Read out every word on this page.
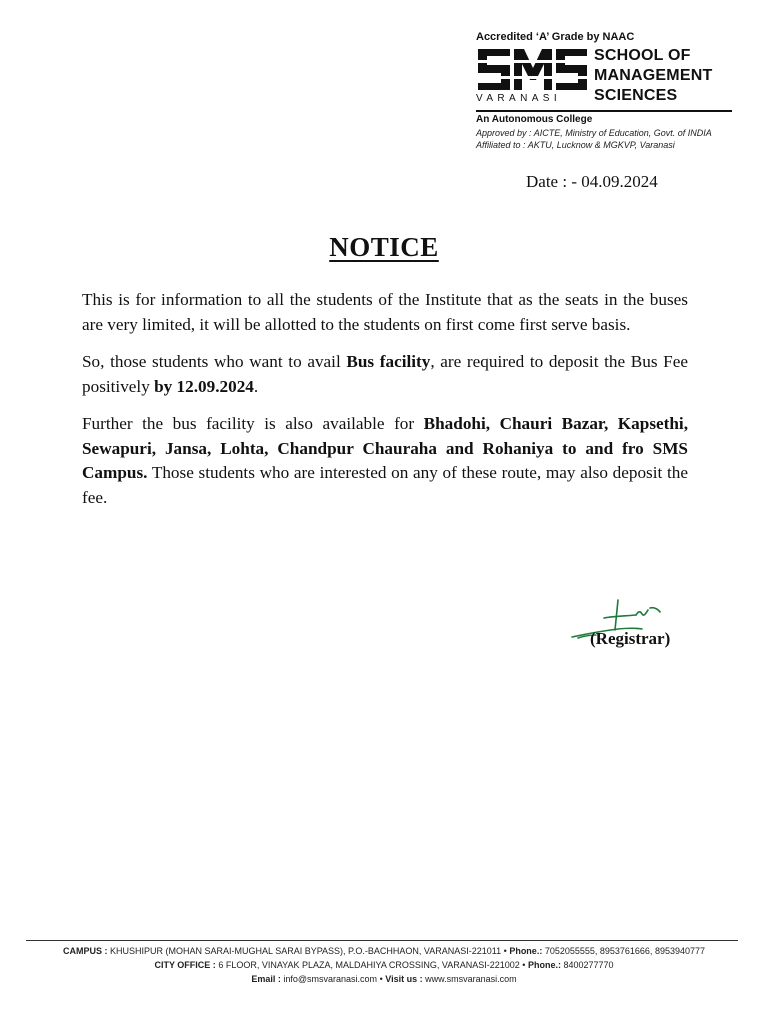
Accredited ‘A’ Grade by NAAC
VARANASI
SCHOOL OF
MANAGEMENT
SCIENCES
An Autonomous College
Approved by : AICTE, Ministry of Education, Govt. of INDIA
Affiliated to : AKTU, Lucknow & MGKVP, Varanasi
Date : - 04.09.2024
NOTICE

This is for information to all the students of the Institute that as the seats in the buses are very limited, it will be allotted to the students on first come first serve basis.

So, those students who want to avail Bus facility, are required to deposit the Bus Fee positively by 12.09.2024.

Further the bus facility is also available for Bhadohi, Chauri Bazar, Kapsethi, Sewapuri, Jansa, Lohta, Chandpur Chauraha and Rohaniya to and fro SMS Campus. Those students who are interested on any of these route, may also deposit the fee.

(Registrar)
CAMPUS : KHUSHIPUR (MOHAN SARAI-MUGHAL SARAI BYPASS), P.O.-BACHHAON, VARANASI-221011 • Phone.: 7052055555, 8953761666, 8953940777
CITY OFFICE : 6 FLOOR, VINAYAK PLAZA, MALDAHIYA CROSSING, VARANASI-221002 • Phone.: 8400277770
Email : info@smsvaranasi.com • Visit us : www.smsvaranasi.com
